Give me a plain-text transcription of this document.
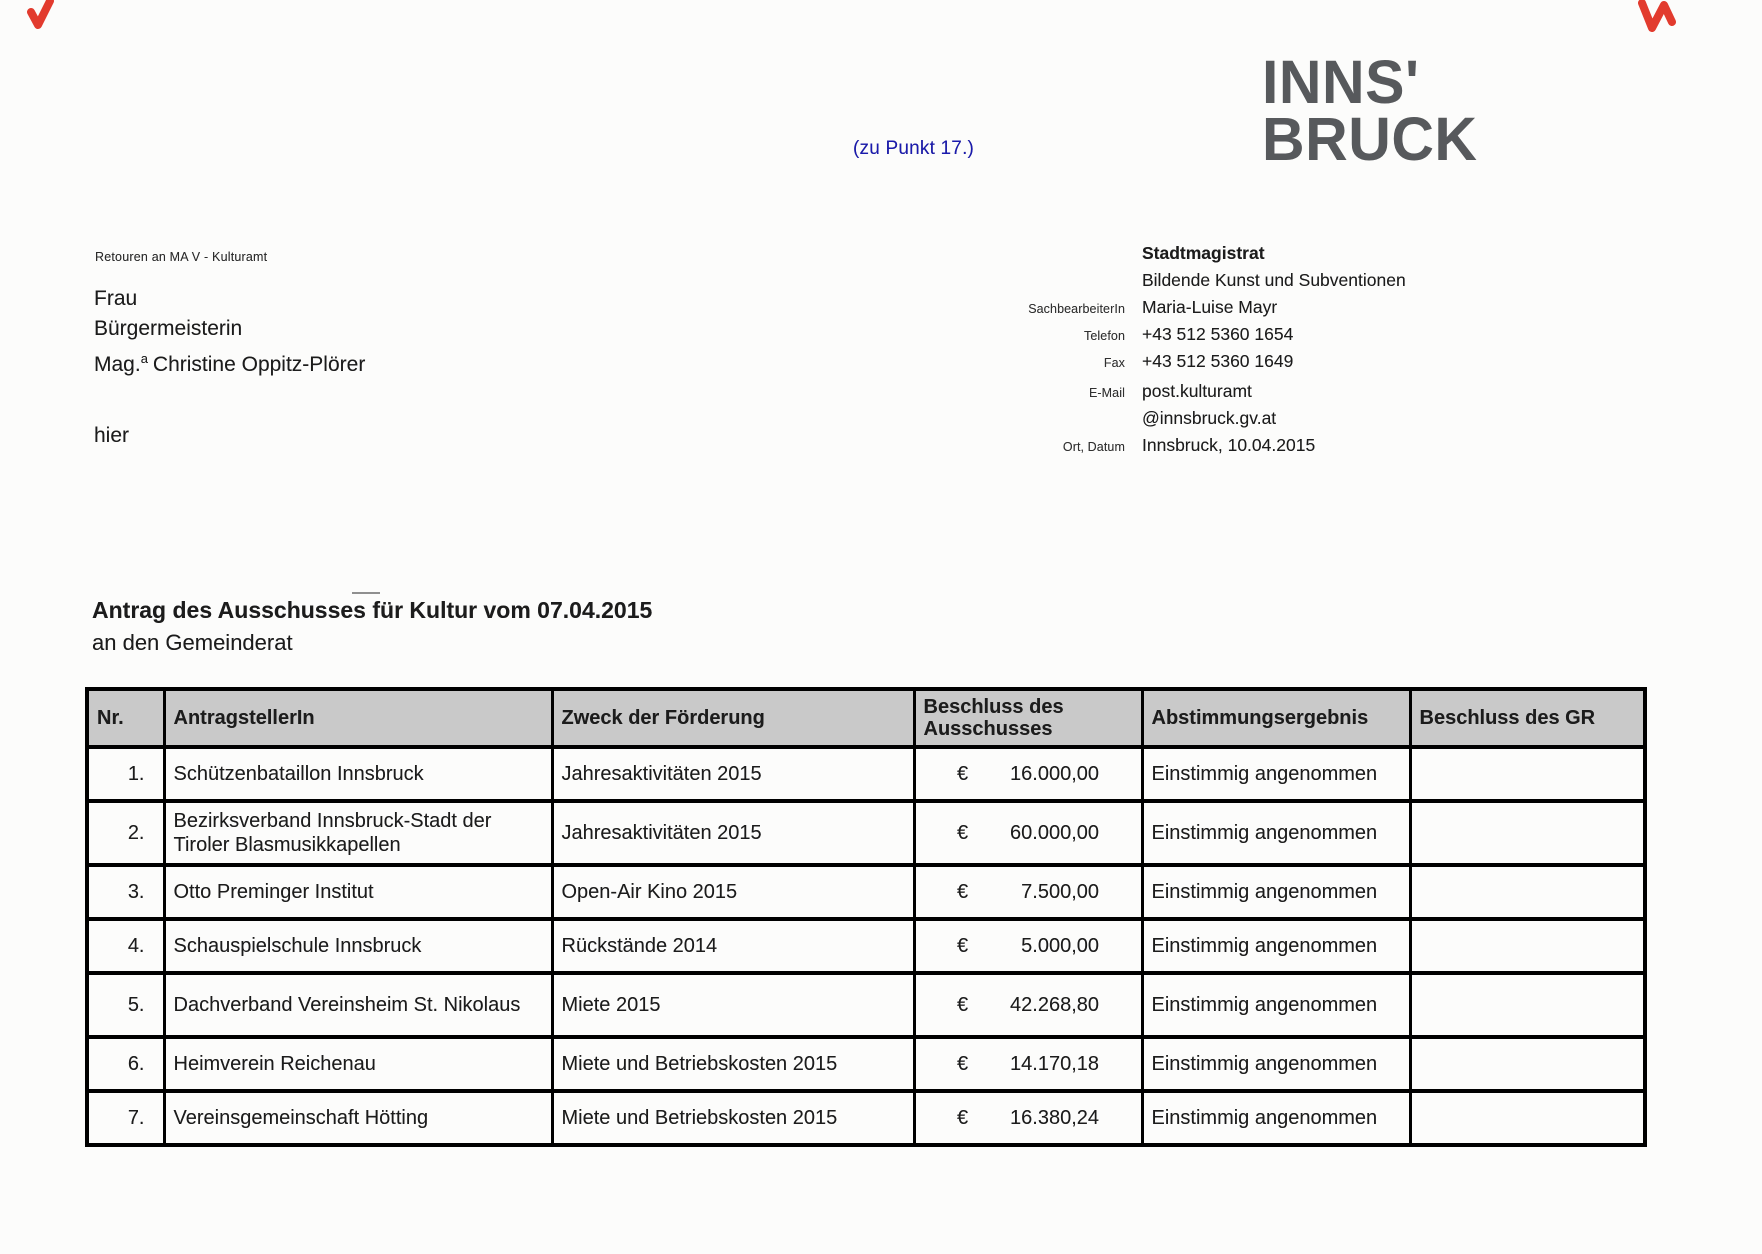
(zu Punkt 17.)
INNS'
BRUCK
Retouren an MA V - Kulturamt
Frau
Bürgermeisterin
Mag.$^a$ Christine Oppitz-Plörer
hier
Stadtmagistrat
Bildende Kunst und Subventionen
SachbearbeiterIn Maria-Luise Mayr
Telefon +43 512 5360 1654
Fax +43 512 5360 1649
E-Mail post.kulturamt
@innsbruck.gv.at
Ort, Datum Innsbruck, 10.04.2015
Antrag des Ausschusses für Kultur vom 07.04.2015
an den Gemeinderat
Nr.	AntragstellerIn	Zweck der Förderung	Beschluss des Ausschusses	Abstimmungsergebnis	Beschluss des GR
1.	Schützenbataillon Innsbruck	Jahresaktivitäten 2015	€ 16.000,00	Einstimmig angenommen	
2.	Bezirksverband Innsbruck-Stadt der Tiroler Blasmusikkapellen	Jahresaktivitäten 2015	€ 60.000,00	Einstimmig angenommen	
3.	Otto Preminger Institut	Open-Air Kino 2015	€ 7.500,00	Einstimmig angenommen	
4.	Schauspielschule Innsbruck	Rückstände 2014	€ 5.000,00	Einstimmig angenommen	
5.	Dachverband Vereinsheim St. Nikolaus	Miete 2015	€ 42.268,80	Einstimmig angenommen	
6.	Heimverein Reichenau	Miete und Betriebskosten 2015	€ 14.170,18	Einstimmig angenommen	
7.	Vereinsgemeinschaft Hötting	Miete und Betriebskosten 2015	€ 16.380,24	Einstimmig angenommen	
